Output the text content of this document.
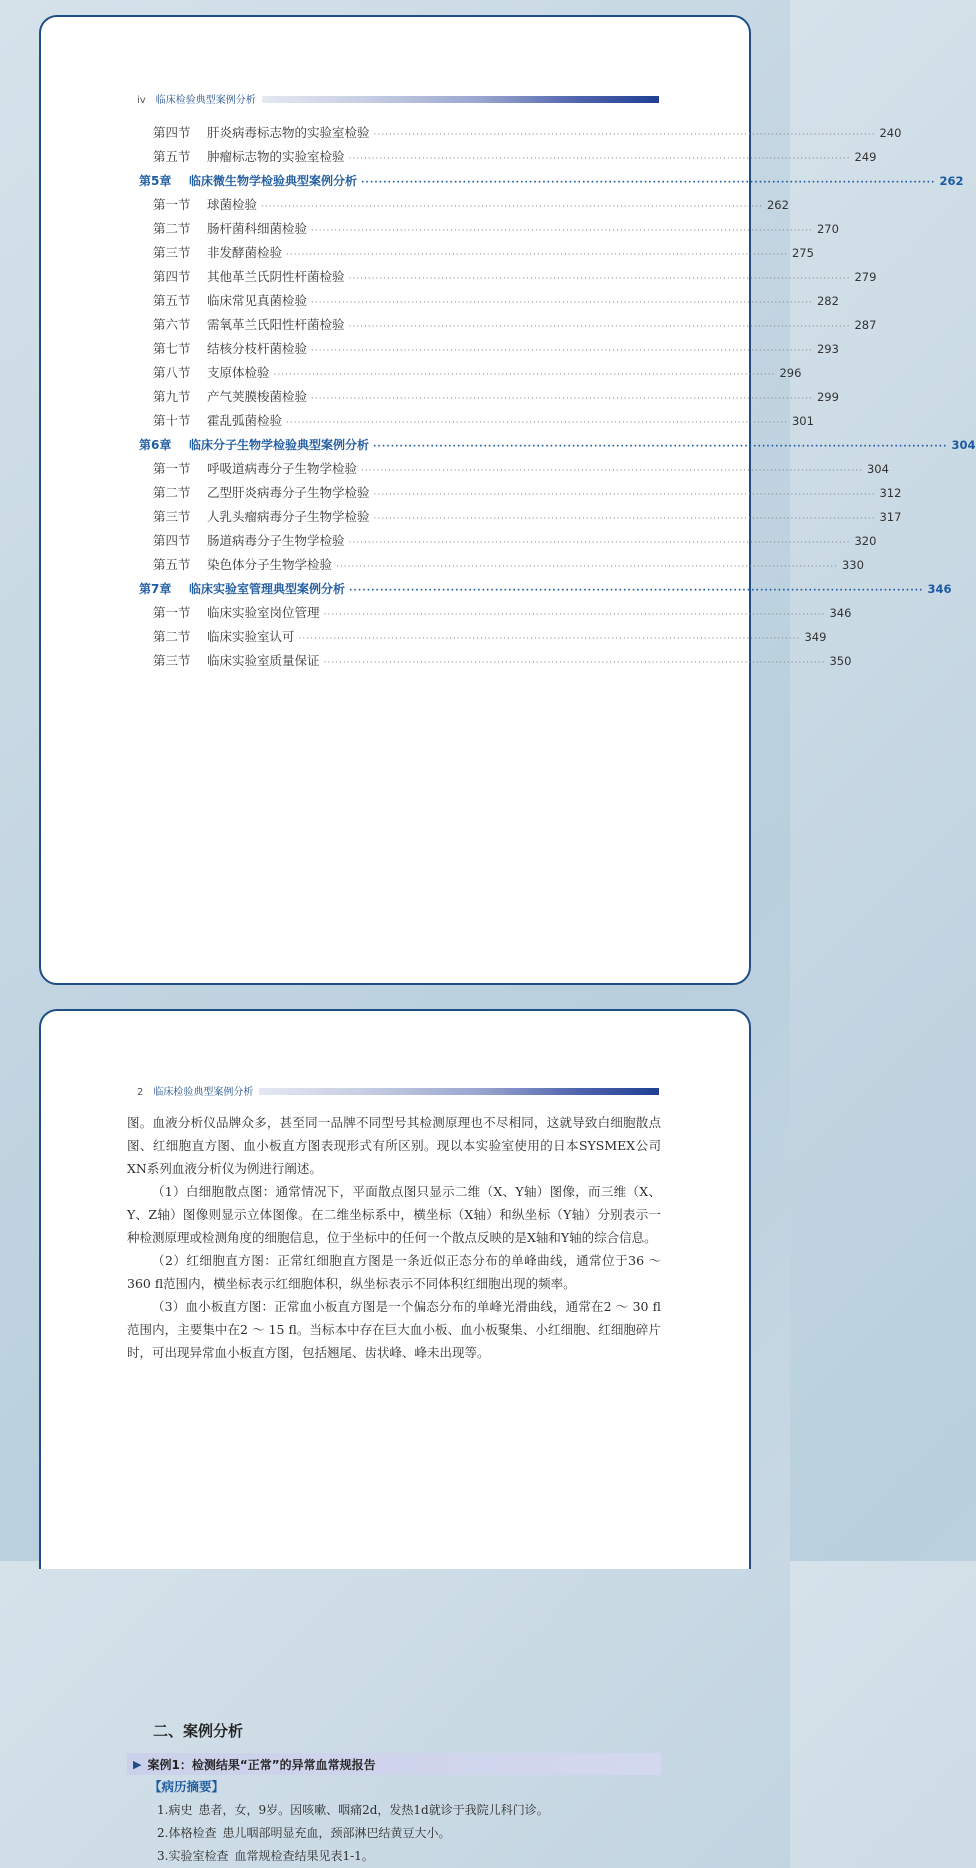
iv 临床检验典型案例分析
第四节	肝炎病毒标志物的实验室检验 ·····	240
第五节	肿瘤标志物的实验室检验 ·····	249
第5章	临床微生物学检验典型案例分析 ·····	262
第一节	球菌检验 ·····	262
第二节	肠杆菌科细菌检验 ·····	270
第三节	非发酵菌检验 ·····	275
第四节	其他革兰氏阴性杆菌检验 ·····	279
第五节	临床常见真菌检验 ·····	282
第六节	需氧革兰氏阳性杆菌检验 ·····	287
第七节	结核分枝杆菌检验 ·····	293
第八节	支原体检验 ·····	296
第九节	产气荚膜梭菌检验 ·····	299
第十节	霍乱弧菌检验 ·····	301
第6章	临床分子生物学检验典型案例分析 ·····	304
第一节	呼吸道病毒分子生物学检验 ·····	304
第二节	乙型肝炎病毒分子生物学检验 ·····	312
第三节	人乳头瘤病毒分子生物学检验 ·····	317
第四节	肠道病毒分子生物学检验 ·····	320
第五节	染色体分子生物学检验 ·····	330
第7章	临床实验室管理典型案例分析 ·····	346
第一节	临床实验室岗位管理 ·····	346
第二节	临床实验室认可 ·····	349
第三节	临床实验室质量保证 ·····	350
2 临床检验典型案例分析

图。血液分析仪品牌众多，甚至同一品牌不同型号其检测原理也不尽相同，这就导致白细胞散点图、红细胞直方图、血小板直方图表现形式有所区别。现以本实验室使用的日本SYSMEX公司XN系列血液分析仪为例进行阐述。

（1）白细胞散点图：通常情况下，平面散点图只显示二维（X、Y轴）图像，而三维（X、Y、Z轴）图像则显示立体图像。在二维坐标系中，横坐标（X轴）和纵坐标（Y轴）分别表示一种检测原理或检测角度的细胞信息，位于坐标中的任何一个散点反映的是X轴和Y轴的综合信息。

（2）红细胞直方图：正常红细胞直方图是一条近似正态分布的单峰曲线，通常位于36 ～ 360 fl范围内，横坐标表示红细胞体积，纵坐标表示不同体积红细胞出现的频率。

（3）血小板直方图：正常血小板直方图是一个偏态分布的单峰光滑曲线，通常在2 ～ 30 fl范围内，主要集中在2 ～ 15 fl。当标本中存在巨大血小板、血小板聚集、小红细胞、红细胞碎片时，可出现异常血小板直方图，包括翘尾、齿状峰、峰未出现等。

二、案例分析
▶ 案例1：检测结果“正常”的异常血常规报告
【病历摘要】
1.病史 患者，女，9岁。因咳嗽、咽痛2d，发热1d就诊于我院儿科门诊。
2.体格检查 患儿咽部明显充血，颈部淋巴结黄豆大小。
3.实验室检查 血常规检查结果见表1-1。
